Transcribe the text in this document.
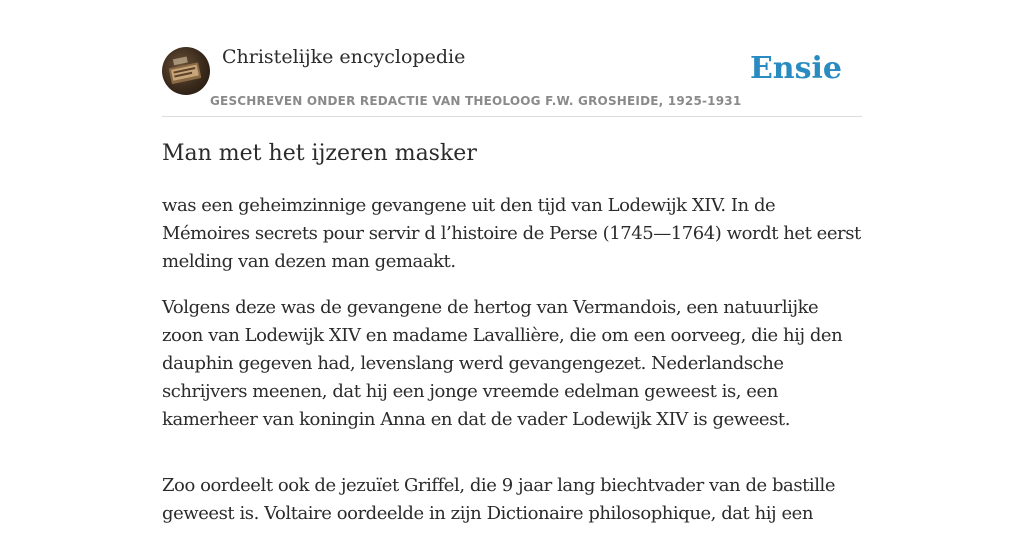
Christelijke encyclopedie
GESCHREVEN ONDER REDACTIE VAN THEOLOOG F.W. GROSHEIDE, 1925-1931
Ensie
Man met het ijzeren masker

was een geheimzinnige gevangene uit den tijd van Lodewijk XIV. In de Mémoires secrets pour servir d l’histoire de Perse (1745—1764) wordt het eerst melding van dezen man gemaakt.

Volgens deze was de gevangene de hertog van Vermandois, een natuurlijke zoon van Lodewijk XIV en madame Lavallière, die om een oorveeg, die hij den dauphin gegeven had, levenslang werd gevangengezet. Nederlandsche schrijvers meenen, dat hij een jonge vreemde edelman geweest is, een kamerheer van koningin Anna en dat de vader Lodewijk XIV is geweest.

Zoo oordeelt ook de jezuïet Griffel, die 9 jaar lang biechtvader van de bastille geweest is. Voltaire oordeelde in zijn Dictionaire philosophique, dat hij een
